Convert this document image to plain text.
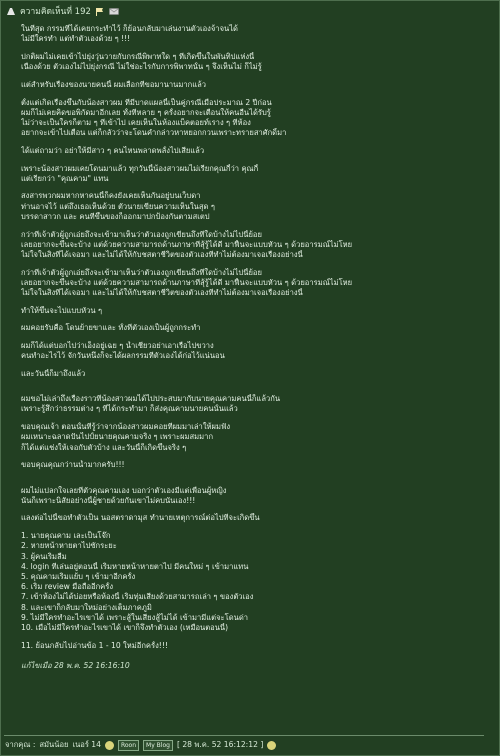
ความคิดเห็นที่ 192
ในที่สุด กรรมที่ได้เคยกระทำไว้ ก็ย้อนกลับมาเล่นงานตัวเองจ้าจนได้
ไม่มีใครทำ แต่ทำตัวเองด้วย ๆ !!!
ปกติผมไม่เคยเข้าไปยุ่งวุ่นวายกับกรณีพิพาทใด ๆ ที่เกิดขึ้นในพันทิปแห่งนี้
เนื่องด้วย ตัวเองไม่ไปยุ่งกรณี ไม่ใช่อะไรกับการพิพาทนั้น ๆ จึงเห็นไม่ ก็ไม่รู้
แต่สำหรับเรื่องของนายคนนี้ ผมเลือกที่ขอมานานมากแล้ว
ตั้งแต่เกิดเรื่องขึ้นกับน้องสาวผม ที่มีบาดแผลนี้เป็นคู่กรณีเมื่อประมาณ 2 ปีก่อน
ผมก็ไม่เคยคิดขอพิกัดมาอีกเลย ทั้งที่หลาย ๆ ครั้งอยากจะเตือนให้คนอื่นได้รับรู้
ไม่ว่าจะเป็นใครก็ตาม ๆ ที่เข้าไป เคยเห็นในห้องแบ็คตอยท์เราง ๆ ที่ห้อง
อยากจะเข้าไปเตือน แต่ก็กลัวว่าจะโดนคำกล่าวหาหยอกกวนเพราะทรายสาศักดิ์มา
ได้แต่ถามว่า อย่าให้มีสาว ๆ คนไหนพลาดพลั้งไปเสียแล้ว
เพราะน้องสาวผมเคยโดนมาแล้ว ทุกวันนี้น้องสาวผมไม่เรียกคุณกี้ว่า คุณกี้
แต่เรียกว่า "คุณคาม" แทน
สงสารพวกผมหากหาคนนี้ก็คงยังเคยเห็นกันอยู่บนเว็บดา
ท่านอาจไว้ แต่ถึงเธอเห็นด้วย ตัวนายเขียนความเห็นในสุด ๆ
บรรดาสาวก และ คนที่ขึ้นของก็ออกมาปกป้องกันตามสเตป
กว่าที่เจ้าตัวผู้ถูกเอ่ยถึงจะเข้ามาเห็นว่าตัวเองถูกเขียนถึงที่ใดบ้างไม่ไปนี้ย้อย
เลยอยากจะขึ้นจะบ้าง แต่ด้วยความสามารถด้านภาษาที่สุ้รู้ได้ดี มาฟื้นจะแบบหัวน ๆ ด้วยอารมณ์ไม่โหย
ไม่ใจในสิ่งที่ได้เจอมา และไม่ได้ให้กับชสตาชีวิตของตัวเองที่ทำไม่ต้องมาเจอเรื่องอย่างนี้
กว่าที่เจ้าตัวผู้ถูกเอ่ยถึงจะเข้ามาเห็นว่าตัวเองถูกเขียนถึงที่ใดบ้างไม่ไปนี้ย้อย
เลยอยากจะขึ้นจะบ้าง แต่ด้วยความสามารถด้านภาษาที่สุ้รู้ได้ดี มาฟื้นจะแบบหัวน ๆ ด้วยอารมณ์ไม่โหย
ไม่ใจในสิ่งที่ได้เจอมา และไม่ได้ให้กับชสตาชีวิตของตัวเองที่ทำไม่ต้องมาเจอเรื่องอย่างนี้
ทำให้ขึ้นจะไปแบบหัวน ๆ
ผมคอยรับคือ โดนย้ายขาและ ทั้งที่ตัวเองเป็นผู้ถูกกระทำ
ผมก็ได้แต่บอกไปว่าเอ็งอยู่เฉย ๆ น้ำเชี่ยวอย่าเอาเรือไปขวาง
คนทำอะไรไว้ จักวันหนึ่งก็จะได้ผลกรรมที่ตัวเองได้ก่อไว้แน่นอน
และวันนี้ก็มาถึงแล้ว
ผมขอไม่เล่าถึงเรื่องราวที่น้องสาวผมได้ไปประสบมากับนายคุณคามคนนี้ก็แล้วกัน
เพราะรู้สึกว่าธรรมต่าง ๆ ที่ได้กระทำมา ก็ส่งคุณคามนายคนนั้นแล้ว
ขอบคุณเจ้า ตอนนั้นที่รู้ว่าจากน้องสาวผมคอยที่ผมมาเล่าให้ผมฟัง
ผมเหนาะฉลาดปั่นไปป์ยนายคุณคามจริง ๆ เพราะผมสมมาก
ก็ได้แต่แช่งให้เจอกับตัวบ้าง และวันนี้ก็เกิดขึ้นจริง ๆ
ขอบคุณคุณกว่านน้ำมากครับ!!!
ผมไม่แปลกใจเลยที่ตัวคุณคามเอง บอกว่าตัวเองมีแต่เพื่อนผู้หญิง
นั่นก็เพราะนิสัยอย่างนี้ผู้ชายด้วยกันเขาไม่คบนั่นเอง!!!
แลงต่อไปนี้ขอทำตัวเป็น นอสตราดามุส ทำนายเหตุการณ์ต่อไปที่จะเกิดขึ้น
1. นายคุณคาม เละเป็นโจ๊ก
2. หายหน้าหายตาไปซักระยะ
3. ผู้คนเริ่มลืม
4. login ที่เล่นอยู่ตอนนี้ เริ่มหายหน้าหายตาไป มีคนใหม่ ๆ เข้ามาแทน
5. คุณคามเริ่มแย้บ ๆ เข้ามาอีกครั้ง
6. เริ่ม review มือถืออีกครั้ง
7. เข้าห้องไม่ได้บ่อยหรือห้องนี้ เริ่มทุ่มเสียงด้วยสามารถเล่า ๆ ของตัวเอง
8. และเขาก็กลับมาใหม่อย่างเต็มภาคภูมิ
9. ไม่มีใครทำอะไรเขาได้ เพราะสู้ในเสียงสู้ไม่ได้ เข้ามามีแต่จะโดนด่า
10. เมื่อไม่มีใครทำอะไรเขาได้ เขาก็จึงทำตัวเอง (เหมือนตอนนี้)
11. ย้อนกลับไปอ่านข้อ 1 - 10 ใหม่อีกครั้ง!!!
แก้ไขเมื่อ 28 พ.ค. 52 16:16:10
จากคุณ : สมันน้อย เนอร์ 14	Roon	My Blog [ 28 พ.ค. 52 16:12:12 ]
